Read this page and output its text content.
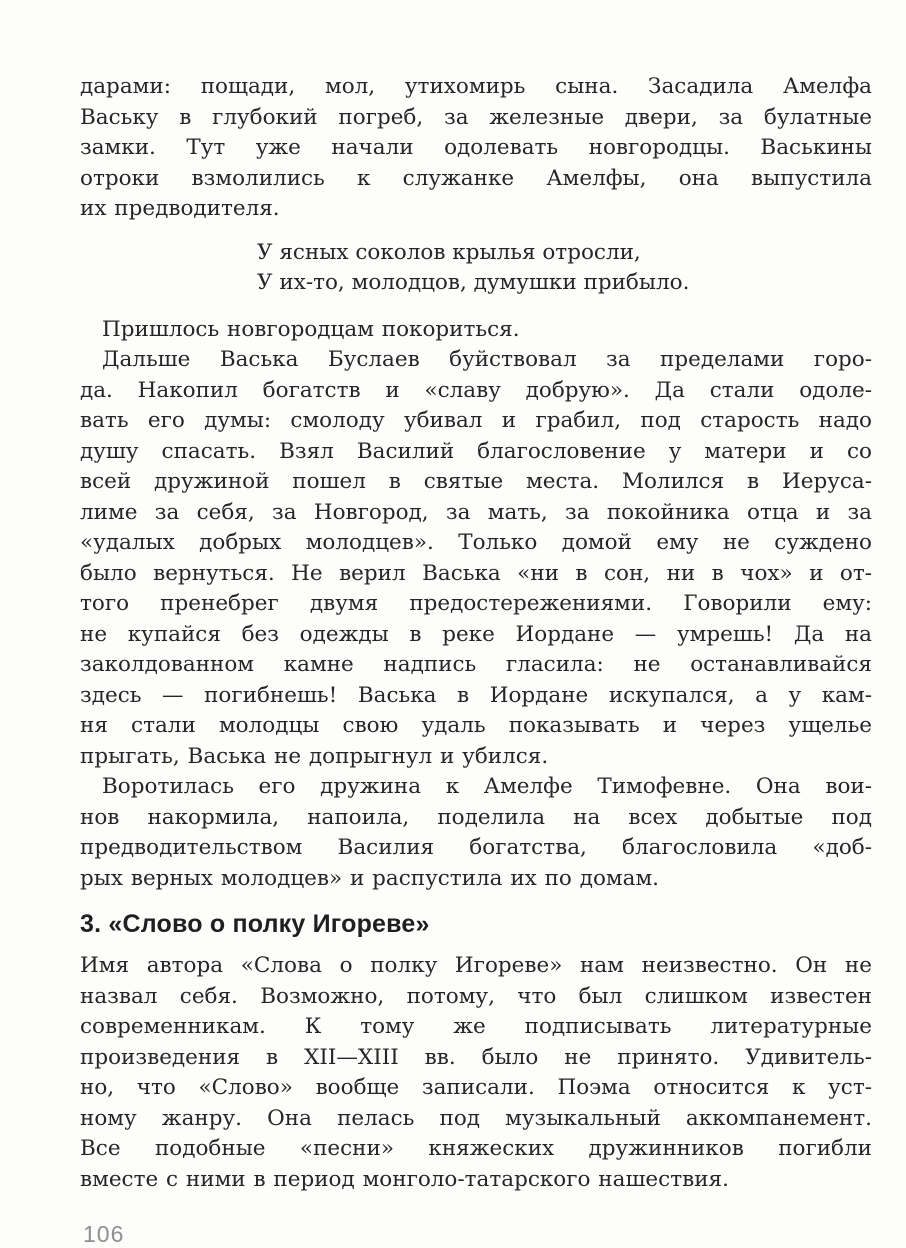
дарами: пощади, мол, утихомирь сына. Засадила Амелфа
Ваську в глубокий погреб, за железные двери, за булатные
замки. Тут уже начали одолевать новгородцы. Васькины
отроки взмолились к служанке Амелфы, она выпустила
их предводителя.

У ясных соколов крылья отросли,
У их-то, молодцов, думушки прибыло.

Пришлось новгородцам покориться.

Дальше Васька Буслаев буйствовал за пределами горо-
да. Накопил богатств и «славу добрую». Да стали одоле-
вать его думы: смолоду убивал и грабил, под старость надо
душу спасать. Взял Василий благословение у матери и со
всей дружиной пошел в святые места. Молился в Иеруса-
лиме за себя, за Новгород, за мать, за покойника отца и за
«удалых добрых молодцев». Только домой ему не суждено
было вернуться. Не верил Васька «ни в сон, ни в чох» и от-
того пренебрег двумя предостережениями. Говорили ему:
не купайся без одежды в реке Иордане — умрешь! Да на
заколдованном камне надпись гласила: не останавливайся
здесь — погибнешь! Васька в Иордане искупался, а у кам-
ня стали молодцы свою удаль показывать и через ущелье
прыгать, Васька не допрыгнул и убился.

Воротилась его дружина к Амелфе Тимофевне. Она вои-
нов накормила, напоила, поделила на всех добытые под
предводительством Василия богатства, благословила «доб-
рых верных молодцев» и распустила их по домам.

3. «Слово о полку Игореве»

Имя автора «Слова о полку Игореве» нам неизвестно. Он не
назвал себя. Возможно, потому, что был слишком известен
современникам. К тому же подписывать литературные
произведения в XII—XIII вв. было не принято. Удивитель-
но, что «Слово» вообще записали. Поэма относится к уст-
ному жанру. Она пелась под музыкальный аккомпанемент.
Все подобные «песни» княжеских дружинников погибли
вместе с ними в период монголо-татарского нашествия.

106
